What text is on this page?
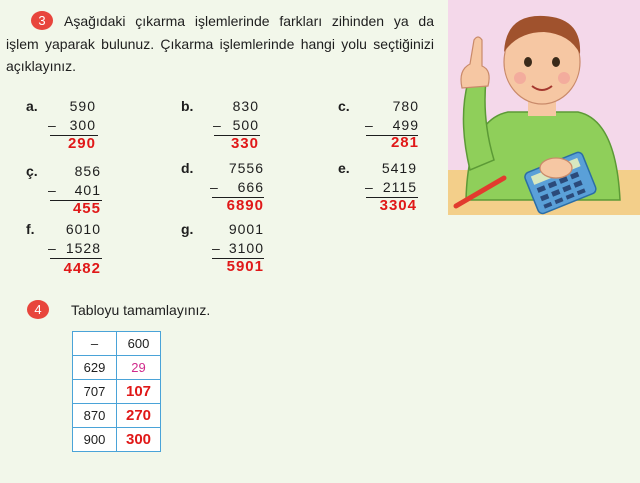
3	Aşağıdaki çıkarma işlemlerinde farkları zihinden ya da işlem yaparak bulunuz. Çıkarma işlemlerinde hangi yolu seçtiğinizi açıklayınız.
a.	590
– 300
290
b.	830
– 500
330
c.	780
–	499
281
ç.	856
–	401
455
d.	7556
–	666
6890
e.	5419
– 2115
3304
f.	6010
– 1528
4482
g.	9001
– 3100
5901
4	Tabloyu tamamlayınız.
–	600
629	29
707	107
870	270
900	300
